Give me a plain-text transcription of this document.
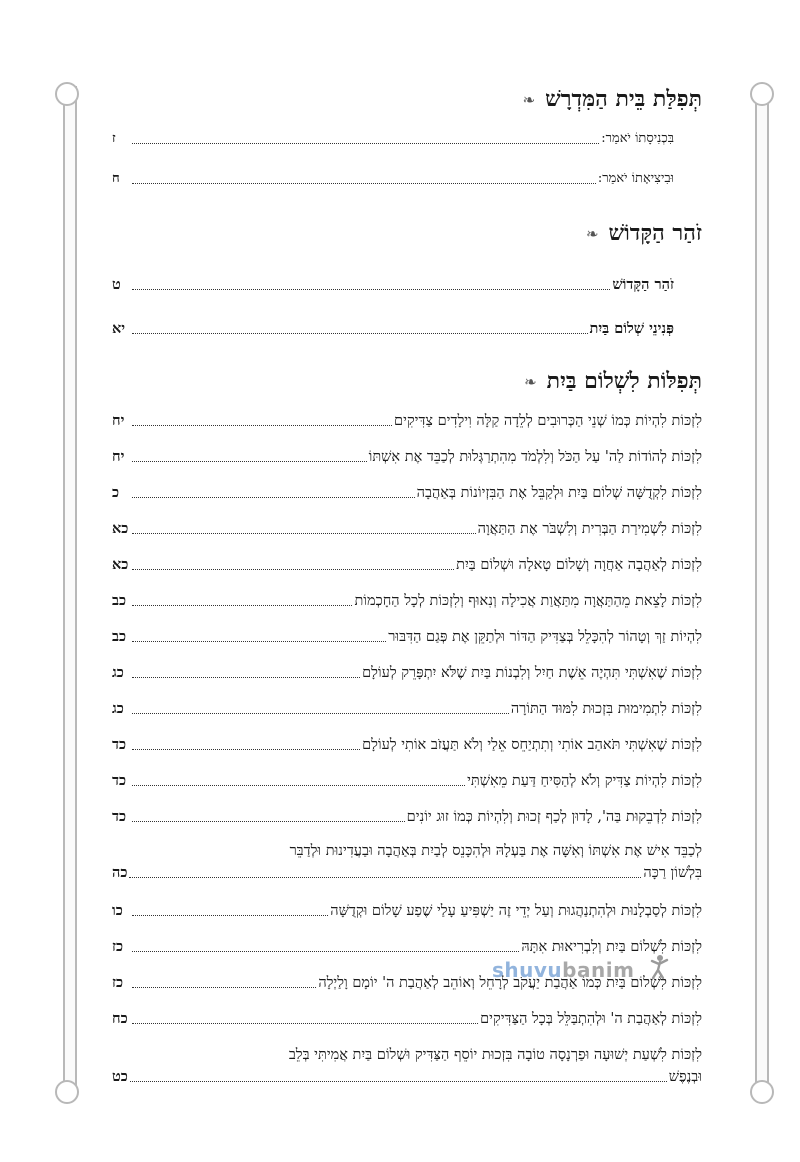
תְּפִלַּת בֵּית הַמִּדְרָשׁ❧
בִּכְנִיסָתוֹ יֹאמַר:
ז
וּבִיצִיאָתוֹ יֹאמַר:
ח
זֹהַר הַקָּדוֹשׁ❧
זֹהַר הַקָּדוֹשׁ
ט
פְּנִינֵי שְׁלוֹם בַּיִת
יא
תְּפִלּוֹת לִשְׁלוֹם בַּיִת❧
לִזְכּוֹת לִהְיוֹת כְּמוֹ שְׁנֵי הַכְּרוּבִים לְלֵדָה קַלָּה וִילָדִים צַדִּיקִים
יח
לִזְכּוֹת לְהוֹדוֹת לַה' עַל הַכֹּל וְלִלְמֹד מִהִתְרַגְּלוּת לְכַבֵּד אֶת אִשְׁתּוֹ
יח
לִזְכּוֹת לִקְדֻשָּׁה שְׁלוֹם בַּיִת וּלְקַבֵּל אֶת הַבִּזְיוֹנוֹת בְּאַהֲבָה
כ
לִזְכּוֹת לִשְׁמִירַת הַבְּרִית וְלִשְׁבֹּר אֶת הַתַּאֲוָה
כא
לִזְכּוֹת לְאַהֲבָה אַחֲוָה וְשָׁלוֹם טָאלָה וּשְׁלוֹם בַּיִת
כא
לִזְכּוֹת לָצֵאת מֵהַתַּאֲוָה מִתַּאֲוַת אֲכִילָה וְנִאוּף וְלִזְכּוֹת לְכָל הַחָכְמוֹת
כב
לִהְיוֹת זַךְ וְטָהוֹר לְהִכָּלֵל בְּצַדִּיק הַדּוֹר וּלְתַקֵּן אֶת פְּגַם הַדִּבּוּר
כב
לִזְכּוֹת שֶׁאִשְׁתִּי תִּהְיֶה אֵשֶׁת חַיִל וְלִבְנוֹת בַּיִת שֶׁלֹּא יִתְפָּרֵק לְעוֹלָם
כג
לִזְכּוֹת לִתְמִימוּת בִּזְכוּת לִמּוּד הַתּוֹרָה
כג
לִזְכּוֹת שֶׁאִשְׁתִּי תֹּאהַב אוֹתִי וְתִתְיַחֵס אֵלַי וְלֹא תַּעֲזֹב אוֹתִי לְעוֹלָם
כד
לִזְכּוֹת לִהְיוֹת צַדִּיק וְלֹא לְהַסִּיחַ דַּעַת מֵאִשְׁתִּי
כד
לִזְכּוֹת לִדְבֵקוּת בַּה', לָדוּן לְכַף זְכוּת וְלִהְיוֹת כְּמוֹ זוּג יוֹנִים
כד
לְכַבֵּד אִישׁ אֶת אִשְׁתּוֹ וְאִשָּׁה אֶת בַּעְלָהּ וּלְהִכָּנֵס לְבַיִת בְּאַהֲבָה וּבַעֲדִינוּת וּלְדַבֵּר
בִּלְשׁוֹן רַכָּה
כה
לִזְכּוֹת לְסַבְלָנוּת וּלְהִתְנַהֲגוּת וְעַל יְדֵי זֶה יַשְׁפִּיעַ עָלַי שֶׁפַע שָׁלוֹם וּקְדֻשָּׁה
כו
לִזְכּוֹת לִשְׁלוֹם בַּיִת וְלִבְרִיאוּת אִתָּהּ
כז
לִזְכּוֹת לִשְׁלוֹם בַּיִת כְּמוֹ אַהֲבַת יַעֲקֹב לְרָחֵל וְאוֹהֵב לְאַהֲבַת ה' יוֹמָם וָלַיְלָה
כז
לִזְכּוֹת לְאַהֲבַת ה' וּלְהִתְבַּלֵּל בְּכָל הַצַּדִּיקִים
כח
לִזְכּוֹת לִשְׁעַת יְשׁוּעָה וּפַרְנָסָה טוֹבָה בִּזְכוּת יוֹסֵף הַצַּדִּיק וּשְׁלוֹם בַּיִת אֲמִיתִּי בְּלֵב
וּבְנֶפֶשׁ
כט
shuvubanim
